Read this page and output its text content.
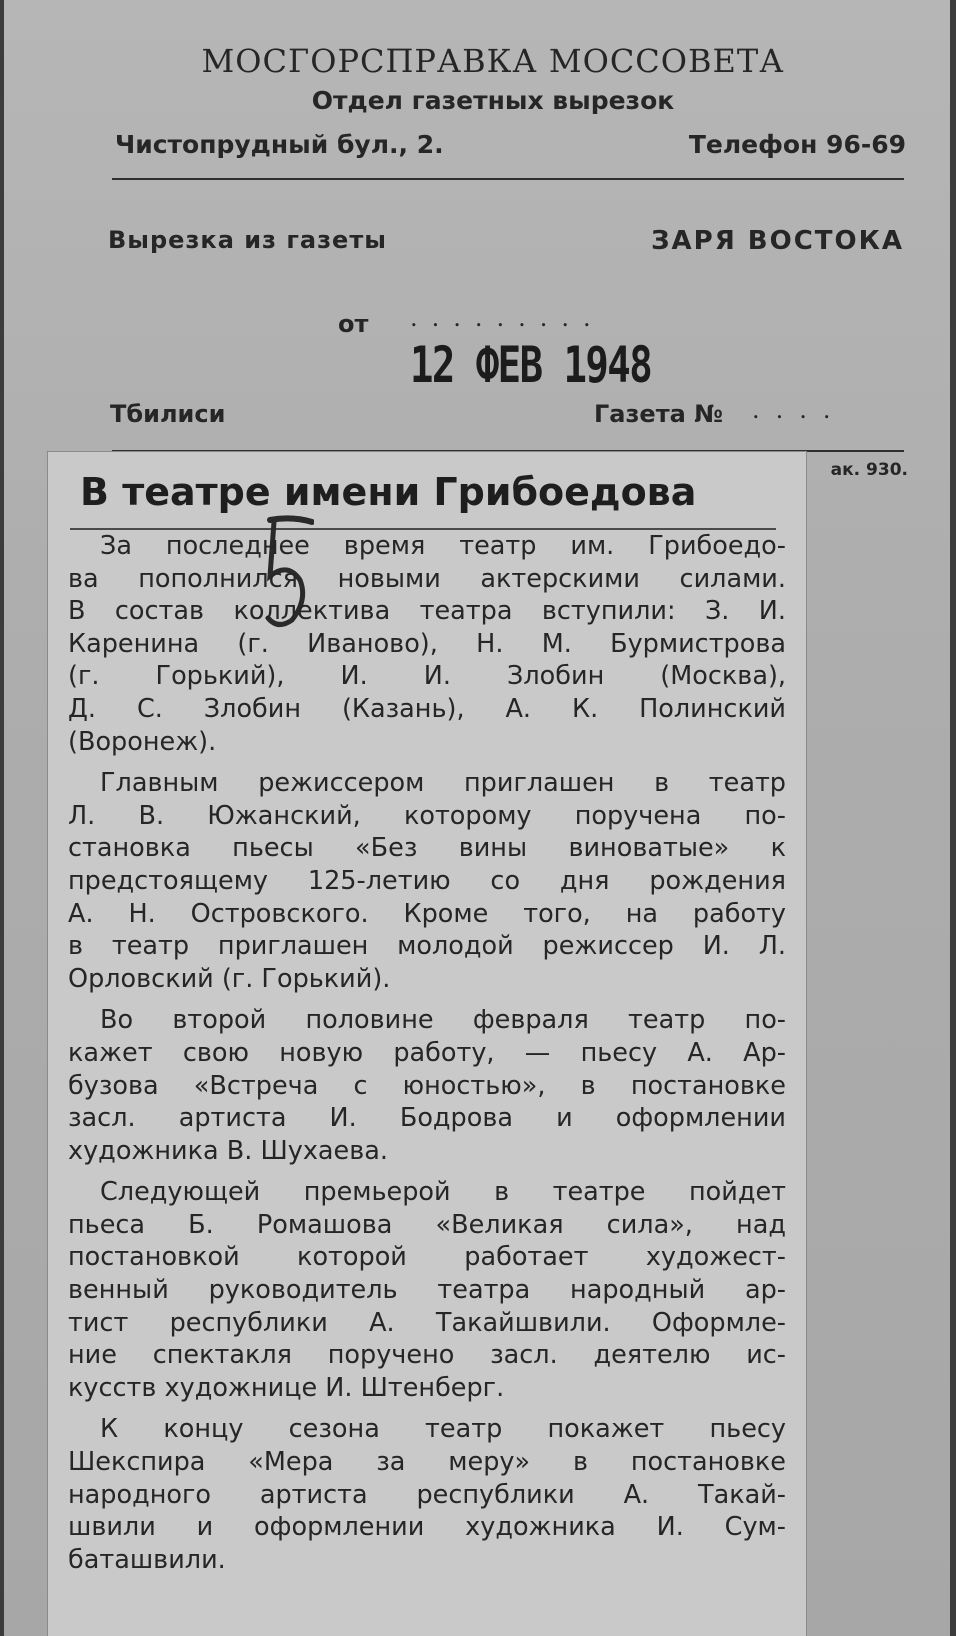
МОСГОРСПРАВКА МОССОВЕТА
Отдел газетных вырезок
Чистопрудный бул., 2.	Телефон 96-69
Вырезка из газеты	ЗАРЯ ВОСТОКА
от .........
12 ФЕВ 1948
Тбилиси	Газета № ....
ак. 930.
В театре имени Грибоедова
За последнее время театр им. Грибоедо-
ва пополнился новыми актерскими силами.
В состав коллектива театра вступили: З. И.
Каренина (г. Иваново), Н. М. Бурмистрова
(г. Горький), И. И. Злобин (Москва),
Д. С. Злобин (Казань), А. К. Полинский
(Воронеж).
Главным режиссером приглашен в театр
Л. В. Южанский, которому поручена по-
становка пьесы «Без вины виноватые» к
предстоящему 125-летию со дня рождения
А. Н. Островского. Кроме того, на работу
в театр приглашен молодой режиссер И. Л.
Орловский (г. Горький).
Во второй половине февраля театр по-
кажет свою новую работу, — пьесу А. Ар-
бузова «Встреча с юностью», в постановке
засл. артиста И. Бодрова и оформлении
художника В. Шухаева.
Следующей премьерой в театре пойдет
пьеса Б. Ромашова «Великая сила», над
постановкой которой работает художест-
венный руководитель театра народный ар-
тист республики А. Такайшвили. Оформле-
ние спектакля поручено засл. деятелю ис-
кусств художнице И. Штенберг.
К концу сезона театр покажет пьесу
Шекспира «Мера за меру» в постановке
народного артиста республики А. Такай-
швили и оформлении художника И. Сум-
баташвили.
